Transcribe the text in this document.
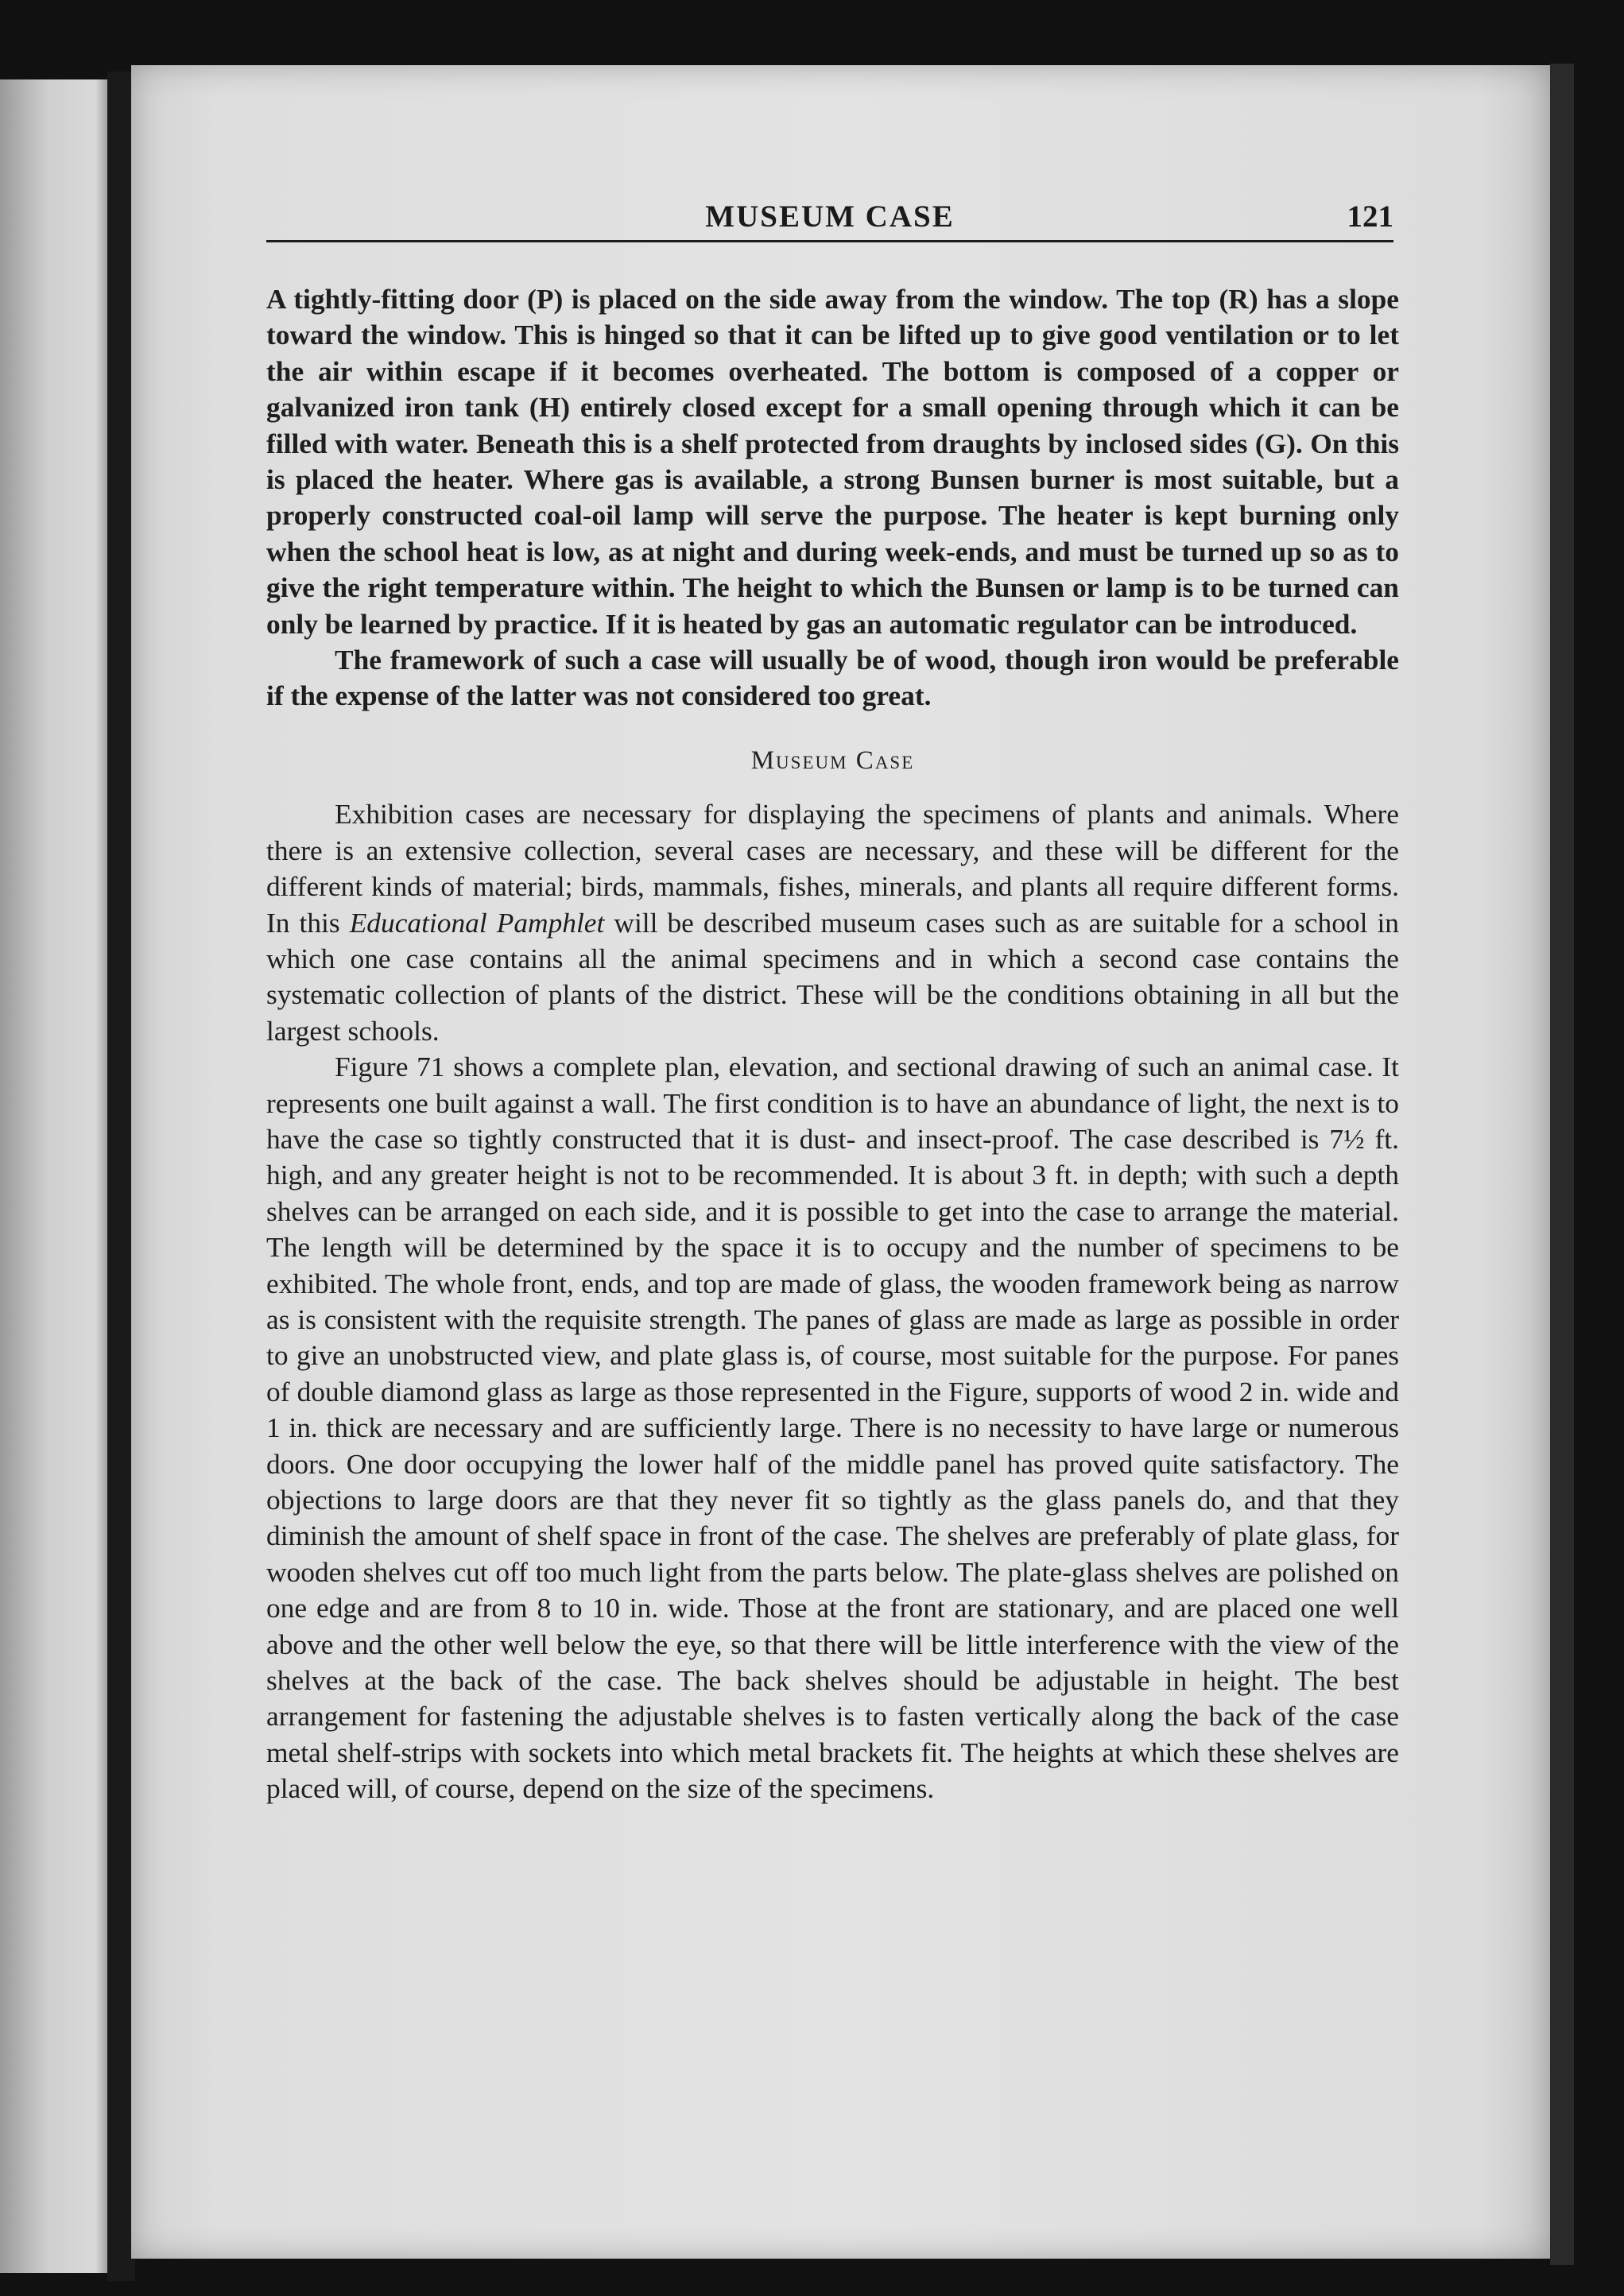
MUSEUM CASE	121

A tightly-fitting door (P) is placed on the side away from the window. The top (R) has a slope toward the window. This is hinged so that it can be lifted up to give good ventilation or to let the air within escape if it becomes overheated. The bottom is composed of a copper or galvanized iron tank (H) entirely closed except for a small opening through which it can be filled with water. Beneath this is a shelf protected from draughts by inclosed sides (G). On this is placed the heater. Where gas is available, a strong Bunsen burner is most suitable, but a properly constructed coal-oil lamp will serve the purpose. The heater is kept burning only when the school heat is low, as at night and during week-ends, and must be turned up so as to give the right temperature within. The height to which the Bunsen or lamp is to be turned can only be learned by practice. If it is heated by gas an automatic regulator can be introduced.

The framework of such a case will usually be of wood, though iron would be preferable if the expense of the latter was not considered too great.

Museum Case

Exhibition cases are necessary for displaying the specimens of plants and animals. Where there is an extensive collection, several cases are necessary, and these will be different for the different kinds of material; birds, mammals, fishes, minerals, and plants all require different forms. In this Educational Pamphlet will be described museum cases such as are suitable for a school in which one case contains all the animal specimens and in which a second case contains the systematic collection of plants of the district. These will be the conditions obtaining in all but the largest schools.

Figure 71 shows a complete plan, elevation, and sectional drawing of such an animal case. It represents one built against a wall. The first condition is to have an abundance of light, the next is to have the case so tightly constructed that it is dust- and insect-proof. The case described is 7½ ft. high, and any greater height is not to be recommended. It is about 3 ft. in depth; with such a depth shelves can be arranged on each side, and it is possible to get into the case to arrange the material. The length will be determined by the space it is to occupy and the number of specimens to be exhibited. The whole front, ends, and top are made of glass, the wooden framework being as narrow as is consistent with the requisite strength. The panes of glass are made as large as possible in order to give an unobstructed view, and plate glass is, of course, most suitable for the purpose. For panes of double diamond glass as large as those represented in the Figure, supports of wood 2 in. wide and 1 in. thick are necessary and are sufficiently large. There is no necessity to have large or numerous doors. One door occupying the lower half of the middle panel has proved quite satisfactory. The objections to large doors are that they never fit so tightly as the glass panels do, and that they diminish the amount of shelf space in front of the case. The shelves are preferably of plate glass, for wooden shelves cut off too much light from the parts below. The plate-glass shelves are polished on one edge and are from 8 to 10 in. wide. Those at the front are stationary, and are placed one well above and the other well below the eye, so that there will be little interference with the view of the shelves at the back of the case. The back shelves should be adjustable in height. The best arrangement for fastening the adjustable shelves is to fasten vertically along the back of the case metal shelf-strips with sockets into which metal brackets fit. The heights at which these shelves are placed will, of course, depend on the size of the specimens.
